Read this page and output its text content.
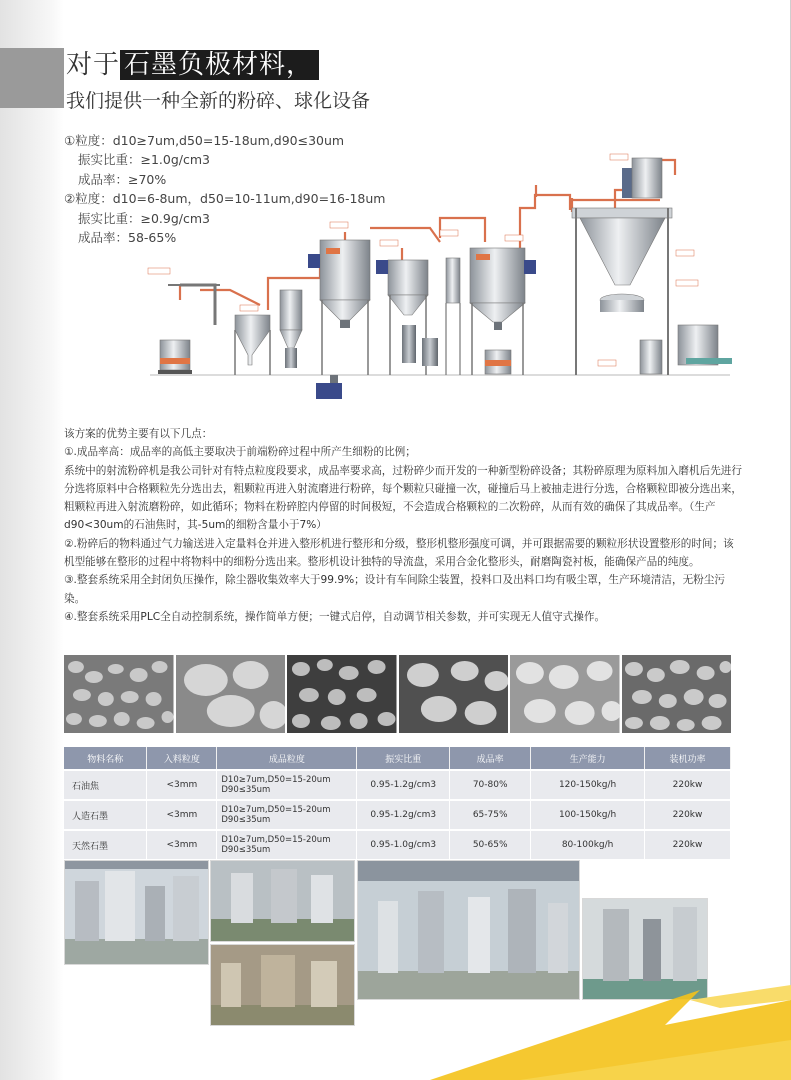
对于 石墨负极材料，
我们提供一种全新的粉碎、球化设备
①粒度：d10≥7um,d50=15-18um,d90≤30um
振实比重：≥1.0g/cm3
成品率：≥70%
②粒度：d10=6-8um，d50=10-11um,d90=16-18um
振实比重：≥0.9g/cm3
成品率：58-65%

该方案的优势主要有以下几点：

①.成品率高：成品率的高低主要取决于前端粉碎过程中所产生细粉的比例；

系统中的射流粉碎机是我公司针对有特点粒度段要求，成品率要求高，过粉碎少而开发的一种新型粉碎设备；其粉碎原理为原料加入磨机后先进行分选将原料中合格颗粒先分选出去，粗颗粒再进入射流磨进行粉碎，每个颗粒只碰撞一次，碰撞后马上被抽走进行分选，合格颗粒即被分选出来，粗颗粒再进入射流磨粉碎，如此循环；物料在粉碎腔内停留的时间极短，不会造成合格颗粒的二次粉碎，从而有效的确保了其成品率。（生产d90<30um的石油焦时，其-5um的细粉含量小于7%）

②.粉碎后的物料通过气力输送进入定量料仓并进入整形机进行整形和分级，整形机整形强度可调，并可跟据需要的颗粒形状设置整形的时间；该机型能够在整形的过程中将物料中的细粉分选出来。整形机设计独特的导流盘，采用合金化整形头，耐磨陶瓷衬板，能确保产品的纯度。

③.整套系统采用全封闭负压操作，除尘器收集效率大于99.9%；设计有车间除尘装置，投料口及出料口均有吸尘罩，生产环境清洁，无粉尘污染。

④.整套系统采用PLC全自动控制系统，操作简单方便；一键式启停，自动调节相关参数，并可实现无人值守式操作。

物料名称	入料粒度	成品粒度	振实比重	成品率	生产能力	装机功率
石油焦	<3mm	D10≥7um,D50=15-20um
D90≤35um	0.95-1.2g/cm3	70-80%	120-150kg/h	220kw
人造石墨	<3mm	D10≥7um,D50=15-20um
D90≤35um	0.95-1.2g/cm3	65-75%	100-150kg/h	220kw
天然石墨	<3mm	D10≥7um,D50=15-20um
D90≤35um	0.95-1.0g/cm3	50-65%	80-100kg/h	220kw
